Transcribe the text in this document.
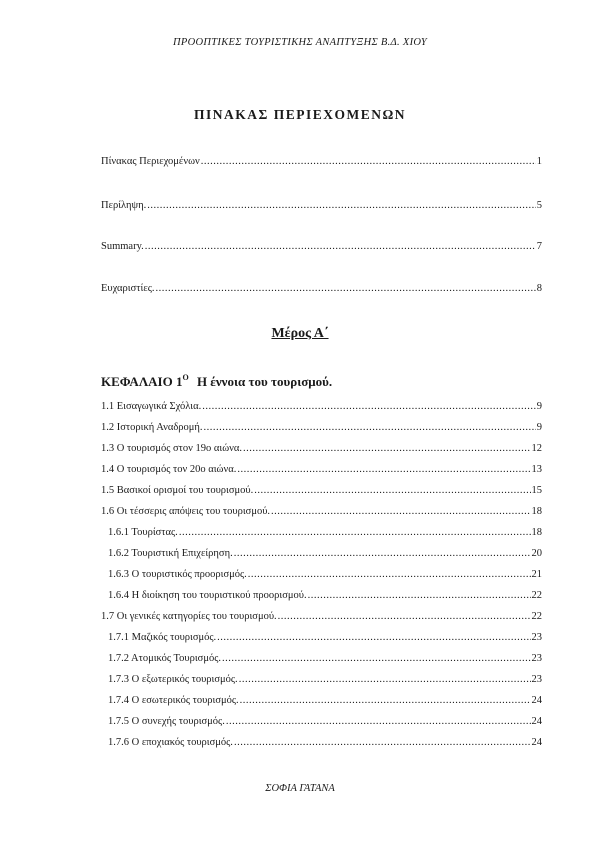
ΠΡΟΟΠΤΙΚΕΣ ΤΟΥΡΙΣΤΙΚΗΣ ΑΝΑΠΤΥΞΗΣ Β.Δ. ΧΙΟΥ
ΠΙΝΑΚΑΣ ΠΕΡΙΕΧΟΜΕΝΩΝ
Πίνακας Περιεχομένων .....	1
Περίληψη. .....	5
Summary. .....	7
Ευχαριστίες. .....	8
Μέρος Α΄
ΚΕΦΑΛΑΙΟ $1^O$ Η έννοια του τουρισμού.
1.1 Εισαγωγικά Σχόλια. .....	9
1.2 Ιστορική Αναδρομή. .....	9
1.3 Ο τουρισμός στον 19ο αιώνα. .....	12
1.4 Ο τουρισμός τον 20ο αιώνα. .....	13
1.5 Βασικοί ορισμοί του τουρισμού. .....	15
1.6 Οι τέσσερις απόψεις του τουρισμού. .....	18
1.6.1 Τουρίστας. .....	18
1.6.2 Τουριστική Επιχείρηση. .....	20
1.6.3 Ο τουριστικός προορισμός. .....	21
1.6.4 Η διοίκηση του τουριστικού προορισμού. .....	22
1.7 Οι γενικές κατηγορίες του τουρισμού. .....	22
1.7.1 Μαζικός τουρισμός. .....	23
1.7.2 Ατομικός Τουρισμός. .....	23
1.7.3 Ο εξωτερικός τουρισμός. .....	23
1.7.4 Ο εσωτερικός τουρισμός. .....	24
1.7.5 Ο συνεχής τουρισμός. .....	24
1.7.6 Ο εποχιακός τουρισμός. .....	24
ΣΟΦΙΑ ΓΑΤΑΝΑ
